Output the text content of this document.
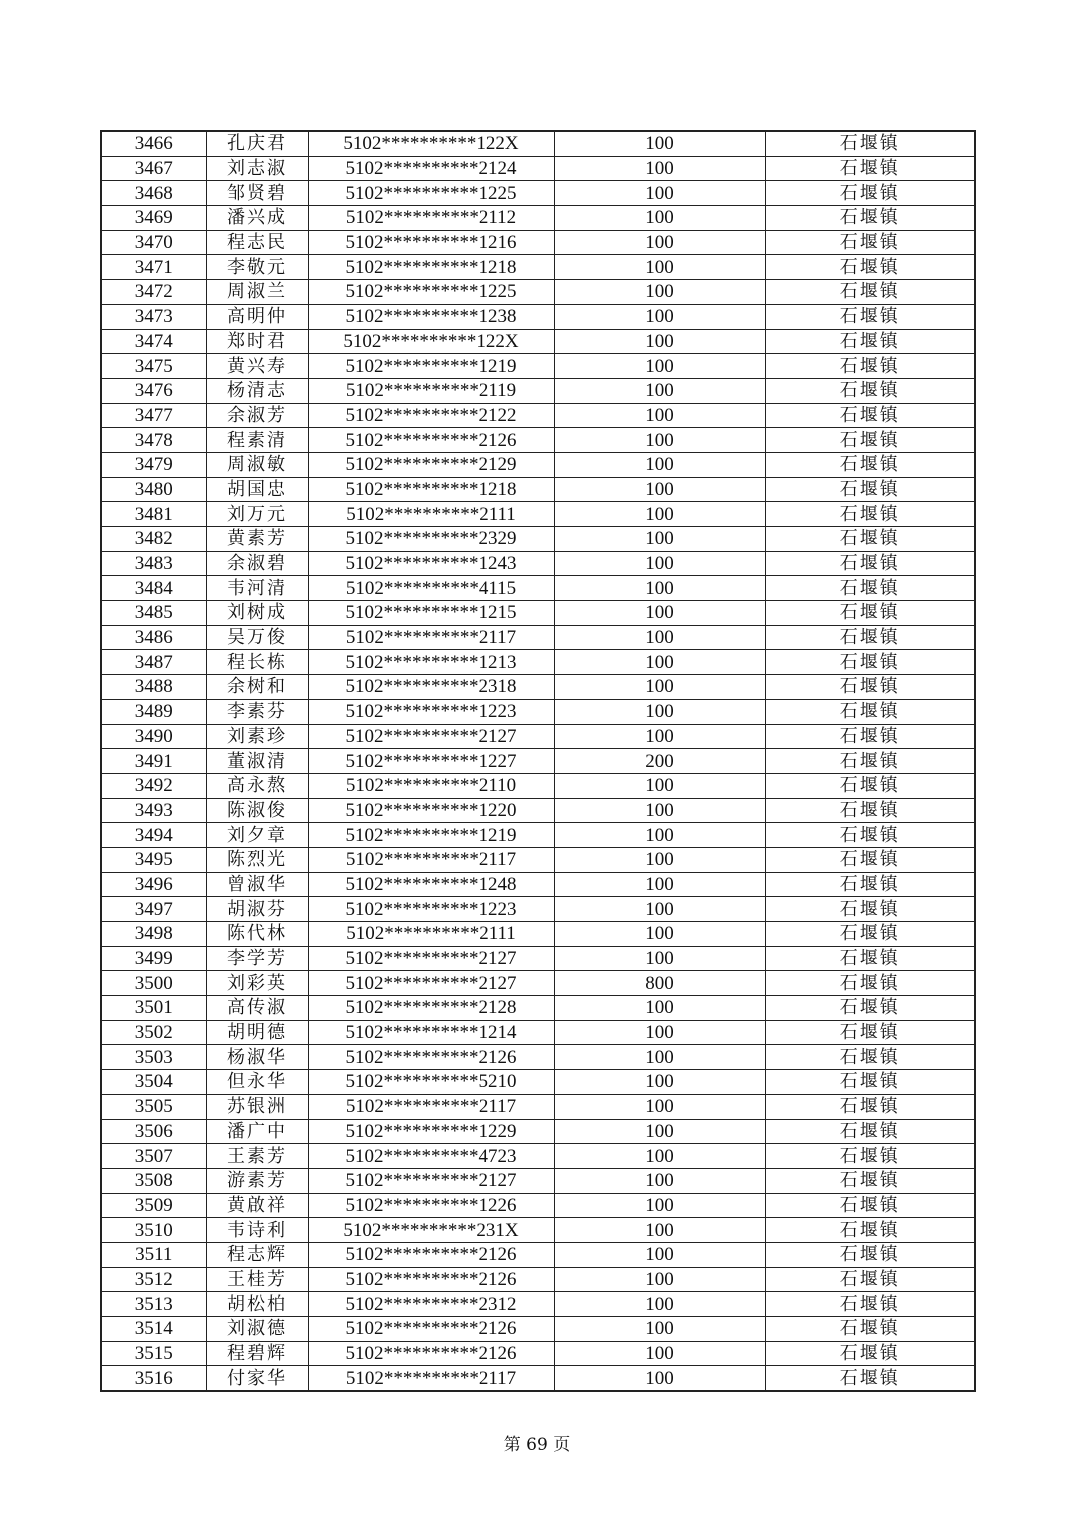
3466	孔庆君	5102**********122X	100	石堰镇
3467	刘志淑	5102**********2124	100	石堰镇
3468	邹贤碧	5102**********1225	100	石堰镇
3469	潘兴成	5102**********2112	100	石堰镇
3470	程志民	5102**********1216	100	石堰镇
3471	李敬元	5102**********1218	100	石堰镇
3472	周淑兰	5102**********1225	100	石堰镇
3473	高明仲	5102**********1238	100	石堰镇
3474	郑时君	5102**********122X	100	石堰镇
3475	黄兴寿	5102**********1219	100	石堰镇
3476	杨清志	5102**********2119	100	石堰镇
3477	余淑芳	5102**********2122	100	石堰镇
3478	程素清	5102**********2126	100	石堰镇
3479	周淑敏	5102**********2129	100	石堰镇
3480	胡国忠	5102**********1218	100	石堰镇
3481	刘万元	5102**********2111	100	石堰镇
3482	黄素芳	5102**********2329	100	石堰镇
3483	余淑碧	5102**********1243	100	石堰镇
3484	韦河清	5102**********4115	100	石堰镇
3485	刘树成	5102**********1215	100	石堰镇
3486	吴万俊	5102**********2117	100	石堰镇
3487	程长栋	5102**********1213	100	石堰镇
3488	余树和	5102**********2318	100	石堰镇
3489	李素芬	5102**********1223	100	石堰镇
3490	刘素珍	5102**********2127	100	石堰镇
3491	董淑清	5102**********1227	200	石堰镇
3492	高永熬	5102**********2110	100	石堰镇
3493	陈淑俊	5102**********1220	100	石堰镇
3494	刘夕章	5102**********1219	100	石堰镇
3495	陈烈光	5102**********2117	100	石堰镇
3496	曾淑华	5102**********1248	100	石堰镇
3497	胡淑芬	5102**********1223	100	石堰镇
3498	陈代林	5102**********2111	100	石堰镇
3499	李学芳	5102**********2127	100	石堰镇
3500	刘彩英	5102**********2127	800	石堰镇
3501	高传淑	5102**********2128	100	石堰镇
3502	胡明德	5102**********1214	100	石堰镇
3503	杨淑华	5102**********2126	100	石堰镇
3504	但永华	5102**********5210	100	石堰镇
3505	苏银洲	5102**********2117	100	石堰镇
3506	潘广中	5102**********1229	100	石堰镇
3507	王素芳	5102**********4723	100	石堰镇
3508	游素芳	5102**********2127	100	石堰镇
3509	黄啟祥	5102**********1226	100	石堰镇
3510	韦诗利	5102**********231X	100	石堰镇
3511	程志辉	5102**********2126	100	石堰镇
3512	王桂芳	5102**********2126	100	石堰镇
3513	胡松柏	5102**********2312	100	石堰镇
3514	刘淑德	5102**********2126	100	石堰镇
3515	程碧辉	5102**********2126	100	石堰镇
3516	付家华	5102**********2117	100	石堰镇
第 69 页
